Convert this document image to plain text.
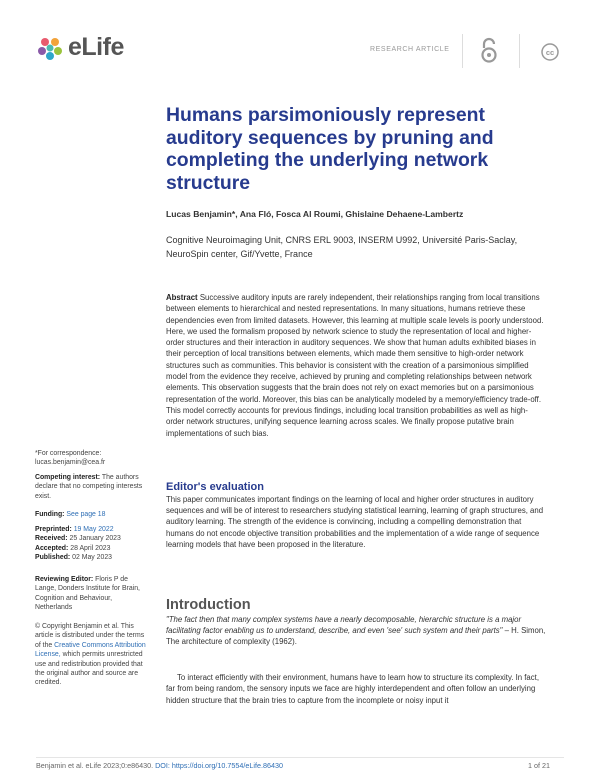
eLife	RESEARCH ARTICLE	cc
Humans parsimoniously represent auditory sequences by pruning and completing the underlying network structure
Lucas Benjamin*, Ana Fló, Fosca Al Roumi, Ghislaine Dehaene-Lambertz
Cognitive Neuroimaging Unit, CNRS ERL 9003, INSERM U992, Université Paris-Saclay, NeuroSpin center, Gif/Yvette, France
Abstract Successive auditory inputs are rarely independent, their relationships ranging from local transitions between elements to hierarchical and nested representations. In many situations, humans retrieve these dependencies even from limited datasets. However, this learning at multiple scale levels is poorly understood. Here, we used the formalism proposed by network science to study the representation of local and higher-order structures and their interaction in auditory sequences. We show that human adults exhibited biases in their perception of local transitions between elements, which made them sensitive to high-order network structures such as communities. This behavior is consistent with the creation of a parsimonious simplified model from the evidence they receive, achieved by pruning and completing relationships between network elements. This observation suggests that the brain does not rely on exact memories but on a parsimonious representation of the world. Moreover, this bias can be analytically modeled by a memory/efficiency trade-off. This model correctly accounts for previous findings, including local transition probabilities as well as high-order network structures, unifying sequence learning across scales. We finally propose putative brain implementations of such bias.
*For correspondence:
lucas.benjamin@cea.fr
Competing interest: The authors declare that no competing interests exist.
Funding: See page 18
Preprinted: 19 May 2022
Received: 25 January 2023
Accepted: 28 April 2023
Published: 02 May 2023
Reviewing Editor: Floris P de Lange, Donders Institute for Brain, Cognition and Behaviour, Netherlands
© Copyright Benjamin et al. This article is distributed under the terms of the Creative Commons Attribution License, which permits unrestricted use and redistribution provided that the original author and source are credited.
Editor's evaluation
This paper communicates important findings on the learning of local and higher order structures in auditory sequences and will be of interest to researchers studying statistical learning, learning of graph structures, and auditory learning. The strength of the evidence is convincing, including a compelling demonstration that humans do not encode objective transition probabilities and the implementation of a wide range of sequence learning models that have been proposed in the literature.
Introduction
"The fact then that many complex systems have a nearly decomposable, hierarchic structure is a major facilitating factor enabling us to understand, describe, and even 'see' such system and their parts" – H. Simon, The architecture of complexity (1962).
To interact efficiently with their environment, humans have to learn how to structure its complexity. In fact, far from being random, the sensory inputs we face are highly interdependent and often follow an underlying hidden structure that the brain tries to capture from the incomplete or noisy input it
Benjamin et al. eLife 2023;0:e86430. DOI: https://doi.org/10.7554/eLife.86430	1 of 21
